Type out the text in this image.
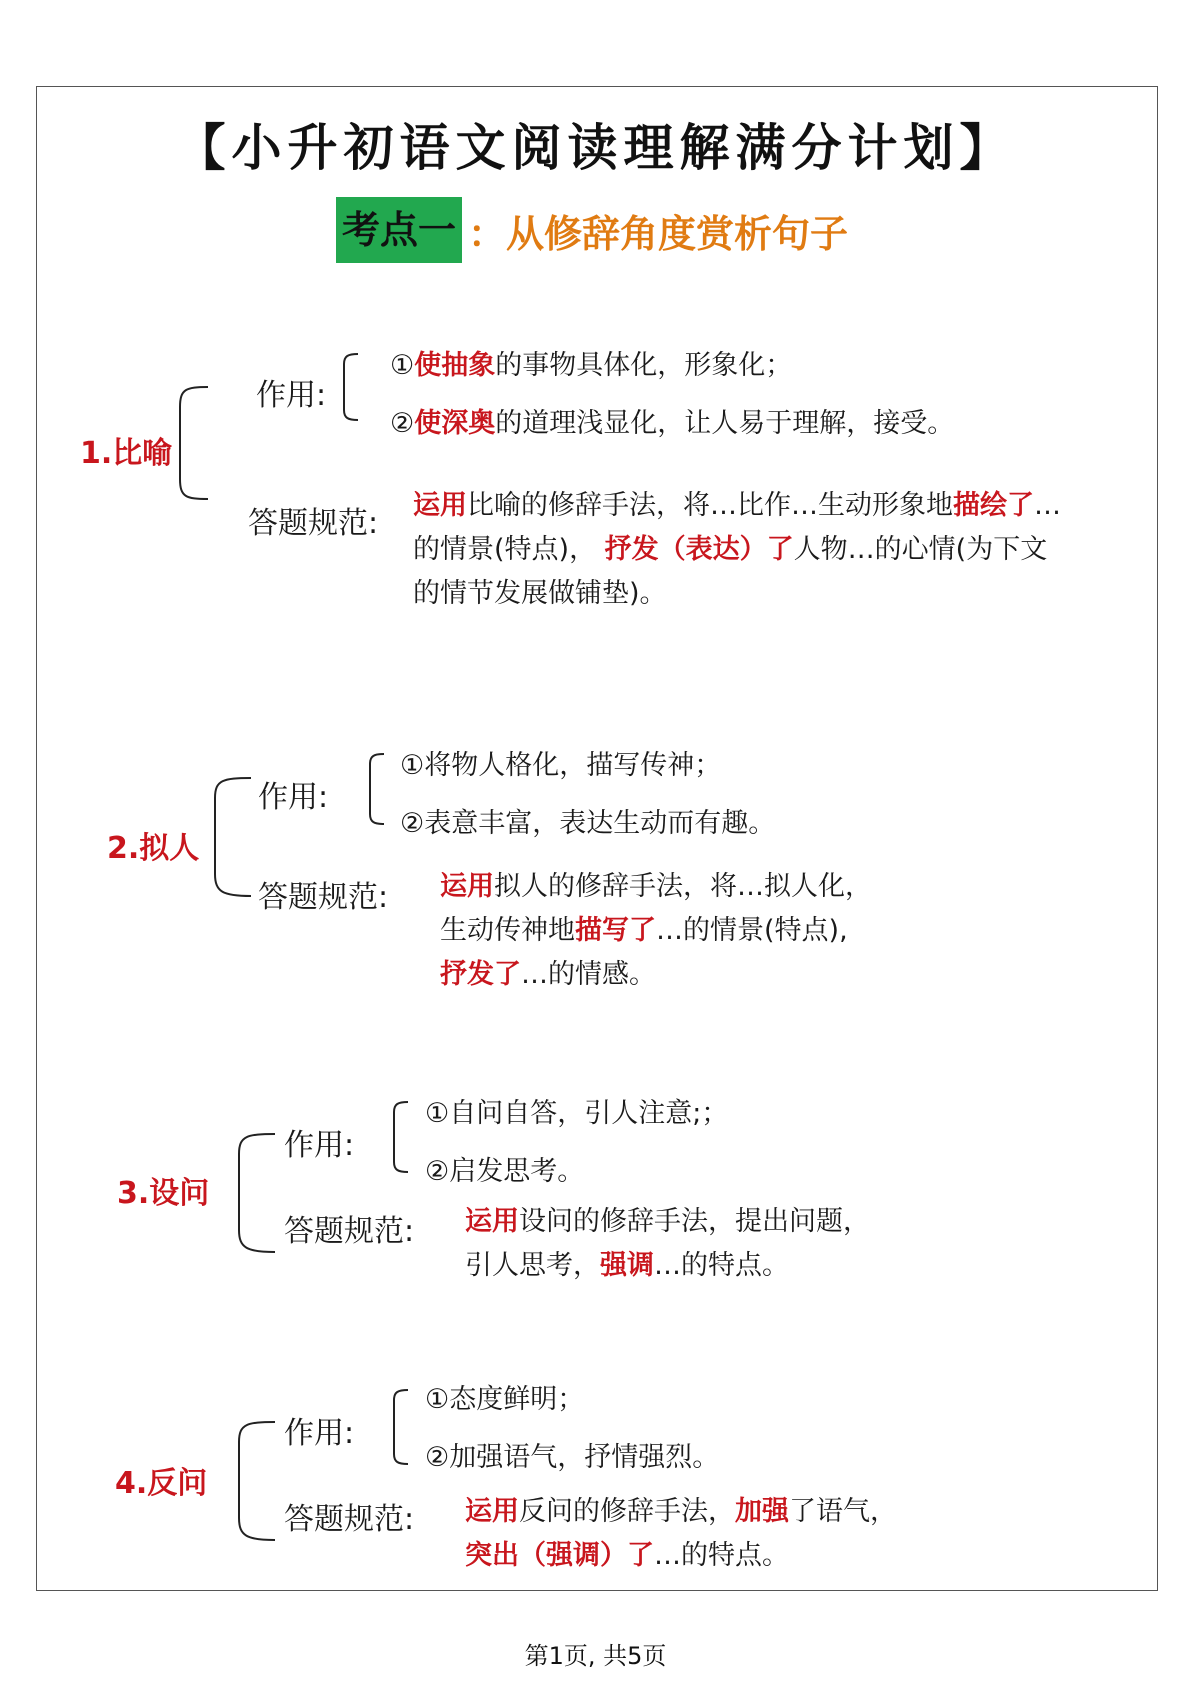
【小升初语文阅读理解满分计划】
考点一 ： 从修辞角度赏析句子
1.比喻
作用:
①使抽象的事物具体化，形象化；
②使深奥的道理浅显化，让人易于理解，接受。
答题规范:
运用比喻的修辞手法，将…比作…生动形象地描绘了…
的情景(特点)， 抒发（表达）了人物…的心情(为下文
的情节发展做铺垫)。
2.拟人
作用:
①将物人格化，描写传神；
②表意丰富，表达生动而有趣。
答题规范: 运用拟人的修辞手法，将…拟人化，
生动传神地描写了…的情景(特点),
抒发了…的情感。
3.设问
作用:
①自问自答，引人注意;；
②启发思考。
答题规范: 运用设问的修辞手法，提出问题，
引人思考，强调…的特点。
4.反问
作用:
①态度鲜明；
②加强语气，抒情强烈。
答题规范: 运用反问的修辞手法，加强了语气，
突出（强调）了…的特点。
第1页, 共5页
